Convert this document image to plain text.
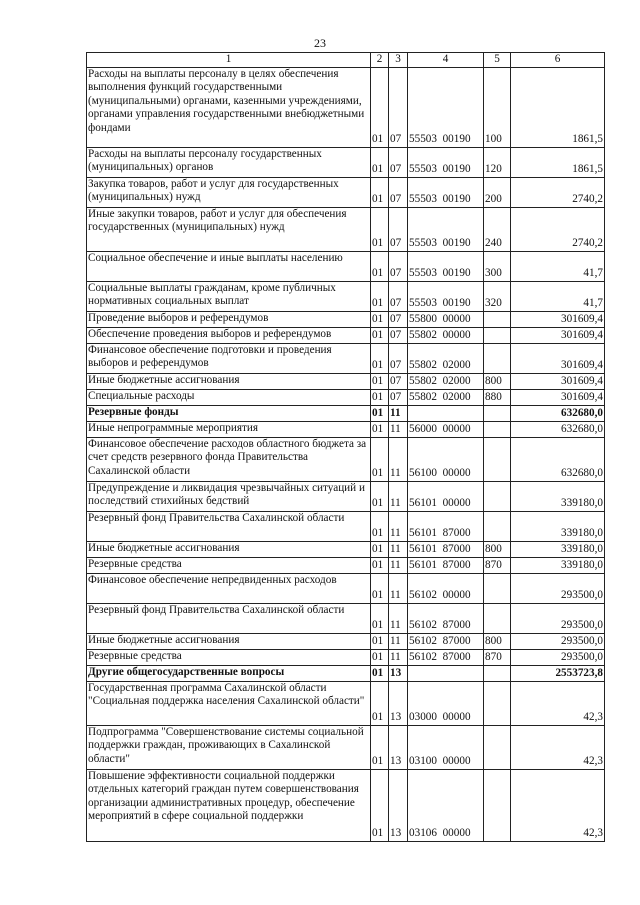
23
1	2	3	4	5	6
Расходы на выплаты персоналу в целях обеспечения выполнения функций государственными (муниципальными) органами, казенными учреждениями, органами управления государственными внебюджетными фондами	01	07	55503  00190	100	1861,5
Расходы на выплаты персоналу государственных (муниципальных) органов	01	07	55503  00190	120	1861,5
Закупка товаров, работ и услуг для государственных (муниципальных) нужд	01	07	55503  00190	200	2740,2
Иные закупки товаров, работ и услуг для обеспечения государственных (муниципальных) нужд	01	07	55503  00190	240	2740,2
Социальное обеспечение и иные выплаты населению	01	07	55503  00190	300	41,7
Социальные выплаты гражданам, кроме публичных нормативных социальных выплат	01	07	55503  00190	320	41,7
Проведение выборов и референдумов	01	07	55800  00000		301609,4
Обеспечение проведения выборов и референдумов	01	07	55802  00000		301609,4
Финансовое обеспечение подготовки и проведения выборов и референдумов	01	07	55802  02000		301609,4
Иные бюджетные ассигнования	01	07	55802  02000	800	301609,4
Специальные расходы	01	07	55802  02000	880	301609,4
Резервные фонды	01	11			632680,0
Иные непрограммные мероприятия	01	11	56000  00000		632680,0
Финансовое обеспечение расходов областного бюджета за счет средств резервного фонда Правительства Сахалинской области	01	11	56100  00000		632680,0
Предупреждение и ликвидация чрезвычайных ситуаций и последствий стихийных бедствий	01	11	56101  00000		339180,0
Резервный фонд Правительства Сахалинской области	01	11	56101  87000		339180,0
Иные бюджетные ассигнования	01	11	56101  87000	800	339180,0
Резервные средства	01	11	56101  87000	870	339180,0
Финансовое обеспечение непредвиденных расходов	01	11	56102  00000		293500,0
Резервный фонд Правительства Сахалинской области	01	11	56102  87000		293500,0
Иные бюджетные ассигнования	01	11	56102  87000	800	293500,0
Резервные средства	01	11	56102  87000	870	293500,0
Другие общегосударственные вопросы	01	13			2553723,8
Государственная программа Сахалинской области "Социальная поддержка населения Сахалинской области"	01	13	03000  00000		42,3
Подпрограмма "Совершенствование системы социальной поддержки граждан, проживающих в Сахалинской области"	01	13	03100  00000		42,3
Повышение эффективности социальной поддержки отдельных категорий граждан путем совершенствования организации административных процедур, обеспечение мероприятий в сфере социальной поддержки	01	13	03106  00000		42,3
